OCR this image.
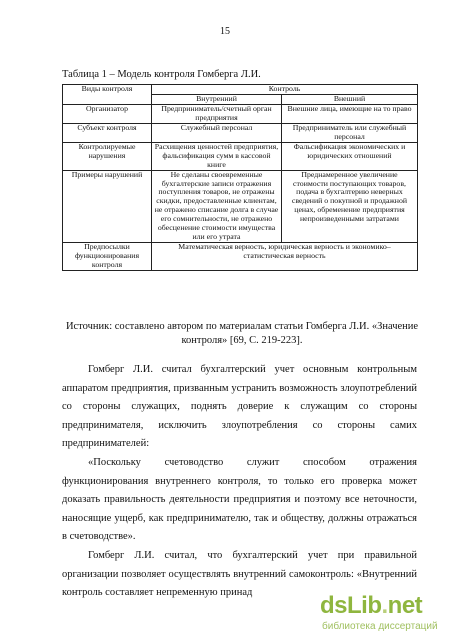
15
Таблица 1 – Модель контроля Гомберга Л.И.
Виды контроля	Контроль	
	Внутренний	Внешний
Организатор	Предприниматель/счетный орган предприятия	Внешние лица, имеющие на то право
Субъект контроля	Служебный персонал	Предприниматель или служебный персонал
Контролируемые нарушения	Расхищения ценностей предприятия, фальсификация сумм в кассовой книге	Фальсификация экономических и юридических отношений
Примеры нарушений	Не сделаны своевременные бухгалтерские записи отражения поступления товаров, не отражены скидки, предоставленные клиентам, не отражено списание долга в случае его сомнительности, не отражено обесценение стоимости имущества или его утрата	Преднамеренное увеличение стоимости поступающих товаров, подача в бухгалтерию неверных сведений о покупной и продажной ценах, обременение предприятия непроизведенными затратами
Предпосылки функционирования контроля	Математическая верность, юридическая верность и экономико–статистическая верность	
Источник: составлено автором по материалам статьи Гомберга Л.И. «Значение контроля» [69, С. 219-223].

Гомберг Л.И. считал бухгалтерский учет основным контрольным аппаратом предприятия, призванным устранить возможность злоупотреблений со стороны служащих, поднять доверие к служащим со стороны предпринимателя, исключить злоупотребления со стороны самих предпринимателей:

«Поскольку счетоводство служит способом отражения функционирования внутреннего контроля, то только его проверка может доказать правильность деятельности предприятия и поэтому все неточности, наносящие ущерб, как предпринимателю, так и обществу, должны отражаться в счетоводстве».

Гомберг Л.И. считал, что бухгалтерский учет при правильной организации позволяет осуществлять внутренний самоконтроль: «Внутренний контроль составляет непременную принад	dsLib.net
библиотека диссертаций
